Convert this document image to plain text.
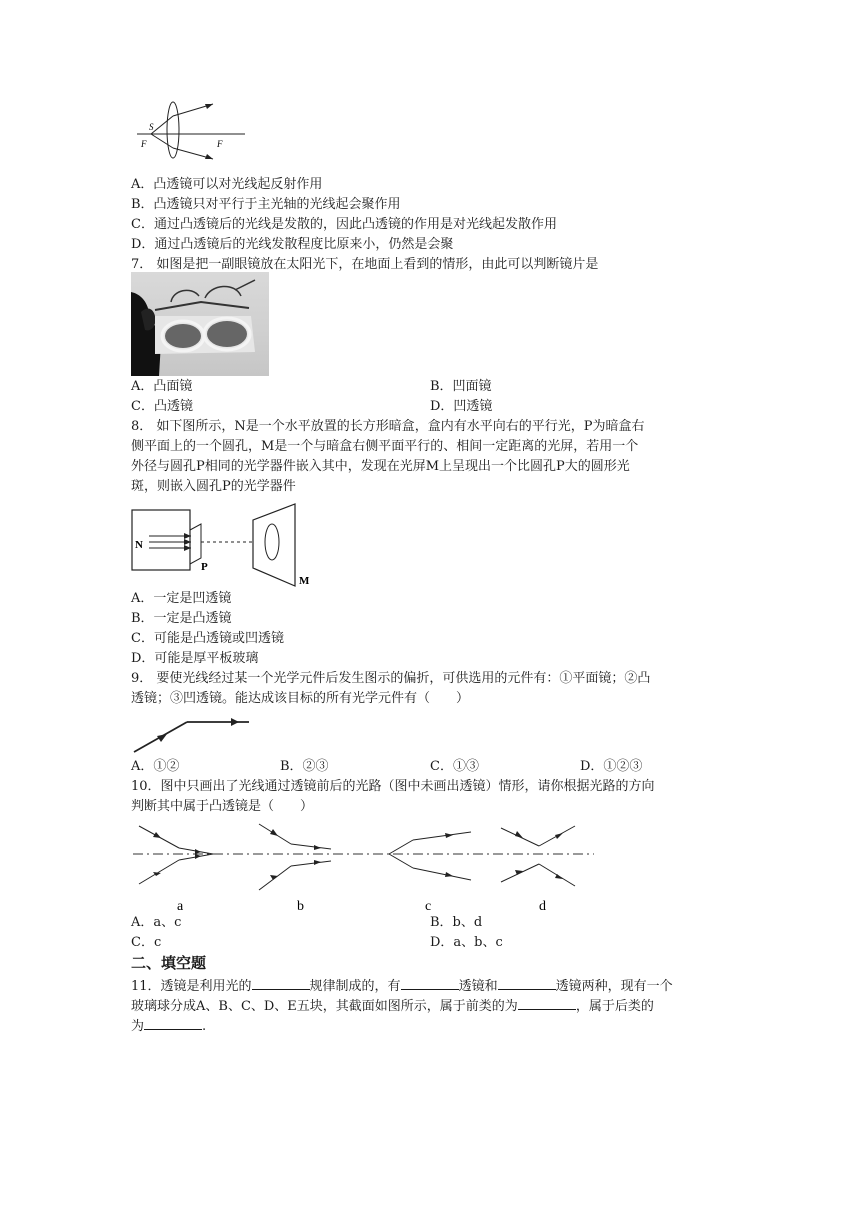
S
F	F
A．凸透镜可以对光线起反射作用
B．凸透镜只对平行于主光轴的光线起会聚作用
C．通过凸透镜后的光线是发散的，因此凸透镜的作用是对光线起发散作用
D．通过凸透镜后的光线发散程度比原来小，仍然是会聚
7． 如图是把一副眼镜放在太阳光下，在地面上看到的情形，由此可以判断镜片是
A．凸面镜	B．凹面镜
C．凸透镜	D．凹透镜
8． 如下图所示，N是一个水平放置的长方形暗盒，盒内有水平向右的平行光，P为暗盒右
侧平面上的一个圆孔，M是一个与暗盒右侧平面平行的、相间一定距离的光屏，若用一个
外径与圆孔P相同的光学器件嵌入其中，发现在光屏M上呈现出一个比圆孔P大的圆形光
斑，则嵌入圆孔P的光学器件
N
P
M
A．一定是凹透镜
B．一定是凸透镜
C．可能是凸透镜或凹透镜
D．可能是厚平板玻璃
9． 要使光线经过某一个光学元件后发生图示的偏折，可供选用的元件有：①平面镜；②凸
透镜；③凹透镜。能达成该目标的所有光学元件有（　　）
A．①②	B．②③	C．①③	D．①②③
10．图中只画出了光线通过透镜前后的光路（图中未画出透镜）情形，请你根据光路的方向
判断其中属于凸透镜是（　　）
a	b	c	d
A．a、c	B．b、d
C．c	D．a、b、c
二、填空题
11．透镜是利用光的	规律制成的，有	透镜和	透镜两种，现有一个
玻璃球分成A、B、C、D、E五块，其截面如图所示，属于前类的为	，属于后类的
为	.
